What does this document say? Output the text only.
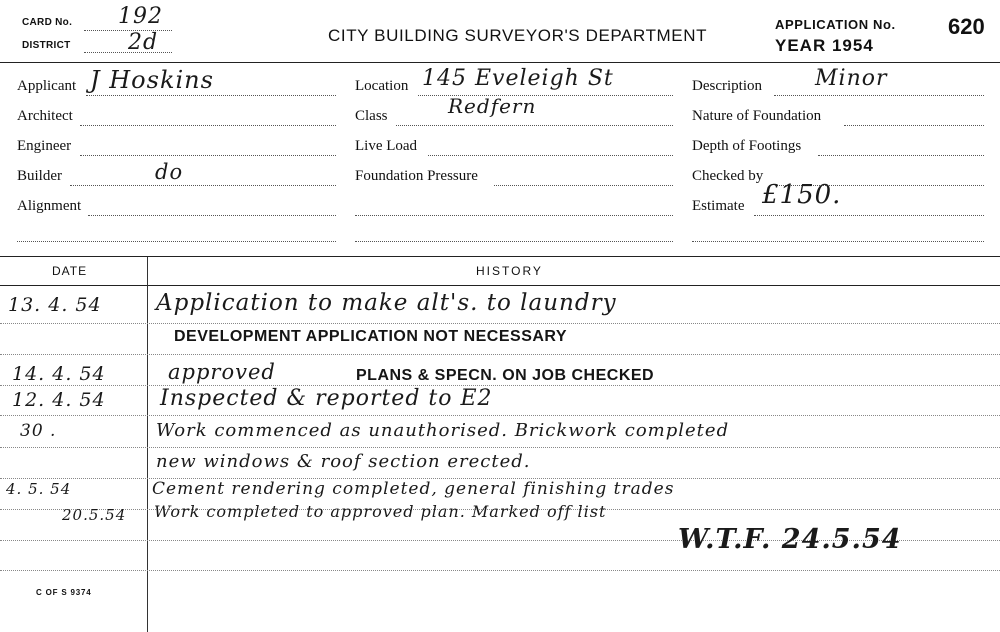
CARD No. 192
DISTRICT	2d	CITY BUILDING SURVEYOR'S DEPARTMENT
APPLICATION No. 620
YEAR 1954
Applicant J Hoskins
Architect
Engineer
Builder	do
Alignment
Location 145 Eveleigh St
Class	Redfern
Live Load
Foundation Pressure
Description Minor
Nature of Foundation
Depth of Footings
Checked by
Estimate £150.
DATE	HISTORY
13. 4. 54 Application to make alt's. to laundry
DEVELOPMENT APPLICATION NOT NECESSARY
14. 4. 54	approved	PLANS & SPECN. ON JOB CHECKED
12. 4. 54 Inspected & reported to E2
30 .	Work commenced as unauthorised. Brickwork completed
new windows & roof section erected.
4. 5. 54	Cement rendering completed, general finishing trades
20.5.54 Work completed to approved plan. Marked off list
W.T.F. 24.5.54
C OF S 9374
